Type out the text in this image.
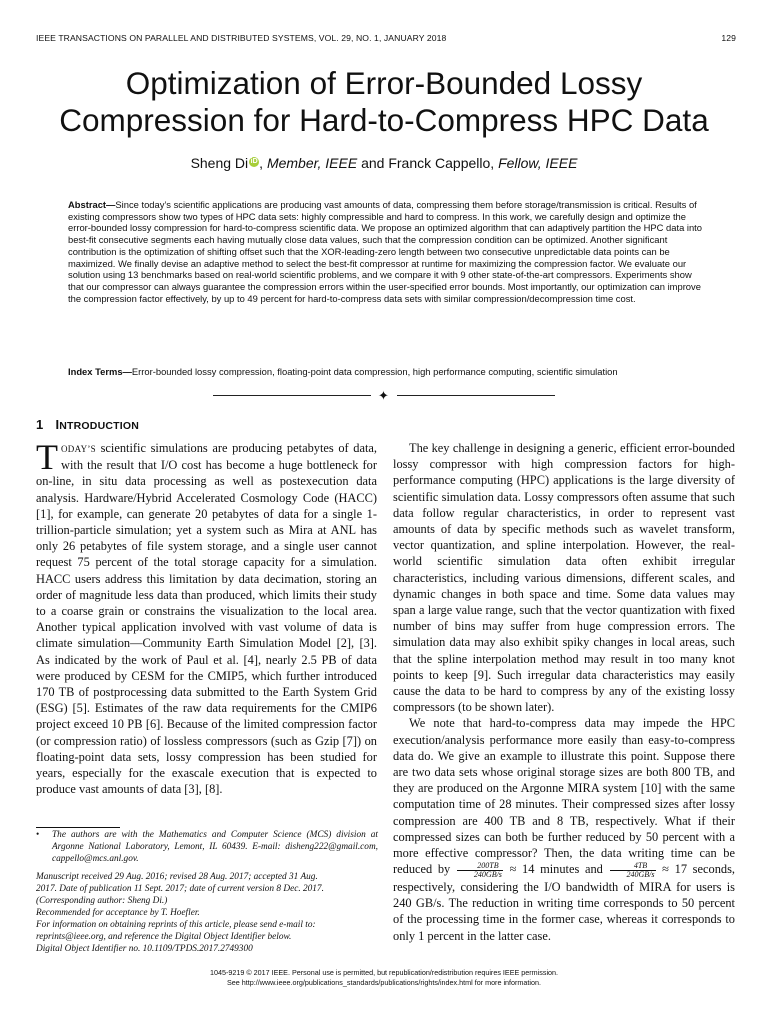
IEEE TRANSACTIONS ON PARALLEL AND DISTRIBUTED SYSTEMS, VOL. 29, NO. 1, JANUARY 2018	129
Optimization of Error-Bounded Lossy
Compression for Hard-to-Compress HPC Data
Sheng Di iD , Member, IEEE and Franck Cappello, Fellow, IEEE
Abstract—Since today’s scientific applications are producing vast amounts of data, compressing them before storage/transmission is critical. Results of existing compressors show two types of HPC data sets: highly compressible and hard to compress. In this work, we carefully design and optimize the error-bounded lossy compression for hard-to-compress scientific data. We propose an optimized algorithm that can adaptively partition the HPC data into best-fit consecutive segments each having mutually close data values, such that the compression condition can be optimized. Another significant contribution is the optimization of shifting offset such that the XOR-leading-zero length between two consecutive unpredictable data points can be maximized. We finally devise an adaptive method to select the best-fit compressor at runtime for maximizing the compression factor. We evaluate our solution using 13 benchmarks based on real-world scientific problems, and we compare it with 9 other state-of-the-art compressors. Experiments show that our compressor can always guarantee the compression errors within the user-specified error bounds. Most importantly, our optimization can improve the compression factor effectively, by up to 49 percent for hard-to-compress data sets with similar compression/decompression time cost.
Index Terms—Error-bounded lossy compression, floating-point data compression, high performance computing, scientific simulation
✦
1 INTRODUCTION

TODAY’S scientific simulations are producing petabytes of data, with the result that I/O cost has become a huge bottleneck for on-line, in situ data processing as well as postexecution data analysis. Hardware/Hybrid Accelerated Cosmology Code (HACC) [1], for example, can generate 20 petabytes of data for a single 1-trillion-particle simulation; yet a system such as Mira at ANL has only 26 petabytes of file system storage, and a single user cannot request 75 percent of the total storage capacity for a simulation. HACC users address this limitation by data decimation, storing an order of magnitude less data than produced, which limits their study to a coarse grain or constrains the visualization to the local area. Another typical application involved with vast volume of data is climate simulation—Community Earth Simulation Model [2], [3]. As indicated by the work of Paul et al. [4], nearly 2.5 PB of data were produced by CESM for the CMIP5, which further introduced 170 TB of postprocessing data submitted to the Earth System Grid (ESG) [5]. Estimates of the raw data requirements for the CMIP6 project exceed 10 PB [6]. Because of the limited compression factor (or compression ratio) of lossless compressors (such as Gzip [7]) on floating-point data sets, lossy compression has been studied for years, especially for the exascale execution that is expected to produce vast amounts of data [3], [8].

The key challenge in designing a generic, efficient error-bounded lossy compressor with high compression factors for high-performance computing (HPC) applications is the large diversity of scientific simulation data. Lossy compressors often assume that such data follow regular characteristics, in order to represent vast amounts of data by specific methods such as wavelet transform, vector quantization, and spline interpolation. However, the real-world scientific simulation data often exhibit irregular characteristics, including various dimensions, different scales, and dynamic changes in both space and time. Some data values may span a large value range, such that the vector quantization with fixed number of bins may suffer from huge compression errors. The simulation data may also exhibit spiky changes in local areas, such that the spline interpolation method may result in too many knot points to keep [9]. Such irregular data characteristics may easily cause the data to be hard to compress by any of the existing lossy compressors (to be shown later).

We note that hard-to-compress data may impede the HPC execution/analysis performance more easily than easy-to-compress data do. We give an example to illustrate this point. Suppose there are two data sets whose original storage sizes are both 800 TB, and they are produced on the Argonne MIRA system [10] with the same computation time of 28 minutes. Their compressed sizes after lossy compression are 400 TB and 8 TB, respectively. What if their compressed sizes can both be further reduced by 50 percent with a more effective compressor? Then, the data writing time can be reduced by $\frac{200TB}{240GB/s} \approx 14$ minutes and $\frac{4TB}{240GB/s} \approx 17$ seconds, respectively, considering the I/O bandwidth of MIRA for users is 240 GB/s. The reduction in writing time corresponds to 50 percent of the processing time in the former case, whereas it corresponds to only 1 percent in the latter case.

• The authors are with the Mathematics and Computer Science (MCS) division at Argonne National Laboratory, Lemont, IL 60439. E-mail: disheng222@gmail.com, cappello@mcs.anl.gov.
Manuscript received 29 Aug. 2016; revised 28 Aug. 2017; accepted 31 Aug.
2017. Date of publication 11 Sept. 2017; date of current version 8 Dec. 2017.
(Corresponding author: Sheng Di.)
Recommended for acceptance by T. Hoefler.
For information on obtaining reprints of this article, please send e-mail to:
reprints@ieee.org, and reference the Digital Object Identifier below.
Digital Object Identifier no. 10.1109/TPDS.2017.2749300
1045-9219 © 2017 IEEE. Personal use is permitted, but republication/redistribution requires IEEE permission.
See http://www.ieee.org/publications_standards/publications/rights/index.html for more information.
